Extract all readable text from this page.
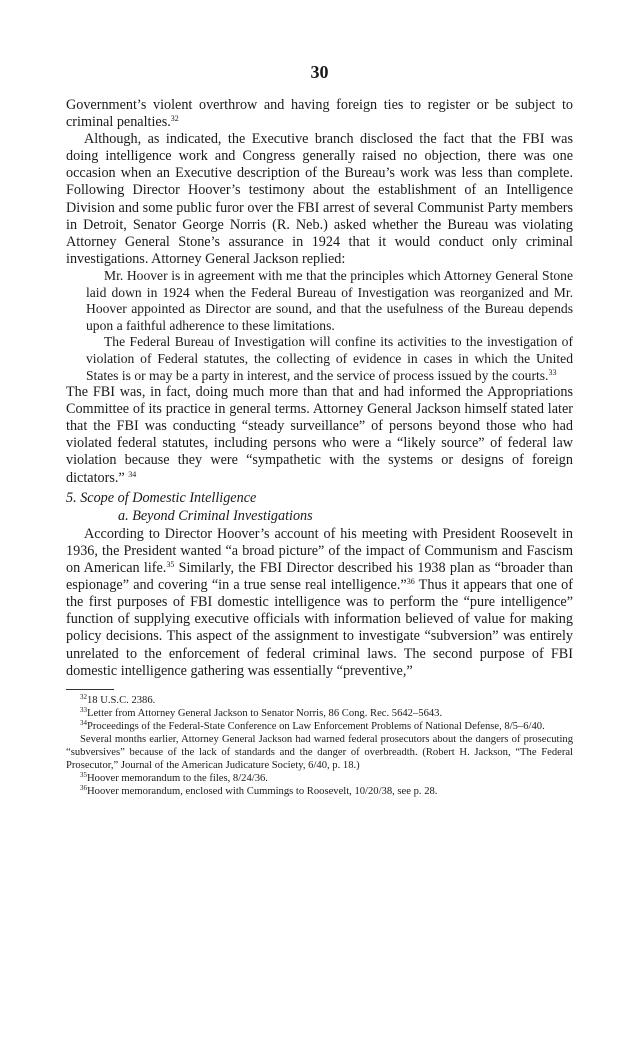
30

Government’s violent overthrow and having foreign ties to register or be subject to criminal penalties.$^{32}$

Although, as indicated, the Executive branch disclosed the fact that the FBI was doing intelligence work and Congress generally raised no objection, there was one occasion when an Executive description of the Bureau’s work was less than complete. Following Director Hoover’s testimony about the establishment of an Intelligence Division and some public furor over the FBI arrest of several Communist Party members in Detroit, Senator George Norris (R. Neb.) asked whether the Bureau was violating Attorney General Stone’s assurance in 1924 that it would conduct only criminal investigations. Attorney General Jackson replied:

Mr. Hoover is in agreement with me that the principles which Attorney General Stone laid down in 1924 when the Federal Bureau of Investigation was reorganized and Mr. Hoover appointed as Director are sound, and that the usefulness of the Bureau depends upon a faithful adherence to these limitations.

The Federal Bureau of Investigation will confine its activities to the investigation of violation of Federal statutes, the collecting of evidence in cases in which the United States is or may be a party in interest, and the service of process issued by the courts.$^{33}$

The FBI was, in fact, doing much more than that and had informed the Appropriations Committee of its practice in general terms. Attorney General Jackson himself stated later that the FBI was conducting “steady surveillance” of persons beyond those who had violated federal statutes, including persons who were a “likely source” of federal law violation because they were “sympathetic with the systems or designs of foreign dictators.” $^{34}$

5. Scope of Domestic Intelligence
a. Beyond Criminal Investigations

According to Director Hoover’s account of his meeting with President Roosevelt in 1936, the President wanted “a broad picture” of the impact of Communism and Fascism on American life.$^{35}$ Similarly, the FBI Director described his 1938 plan as “broader than espionage” and covering “in a true sense real intelligence.”$^{36}$ Thus it appears that one of the first purposes of FBI domestic intelligence was to perform the “pure intelligence” function of supplying executive officials with information believed of value for making policy decisions. This aspect of the assignment to investigate “subversion” was entirely unrelated to the enforcement of federal criminal laws. The second purpose of FBI domestic intelligence gathering was essentially “preventive,”

$^{32}$18 U.S.C. 2386.

$^{33}$Letter from Attorney General Jackson to Senator Norris, 86 Cong. Rec. 5642–5643.

$^{34}$Proceedings of the Federal-State Conference on Law Enforcement Problems of National Defense, 8/5–6/40.

Several months earlier, Attorney General Jackson had warned federal prosecutors about the dangers of prosecuting “subversives” because of the lack of standards and the danger of overbreadth. (Robert H. Jackson, “The Federal Prosecutor,” Journal of the American Judicature Society, 6/40, p. 18.)

$^{35}$Hoover memorandum to the files, 8/24/36.

$^{36}$Hoover memorandum, enclosed with Cummings to Roosevelt, 10/20/38, see p. 28.
